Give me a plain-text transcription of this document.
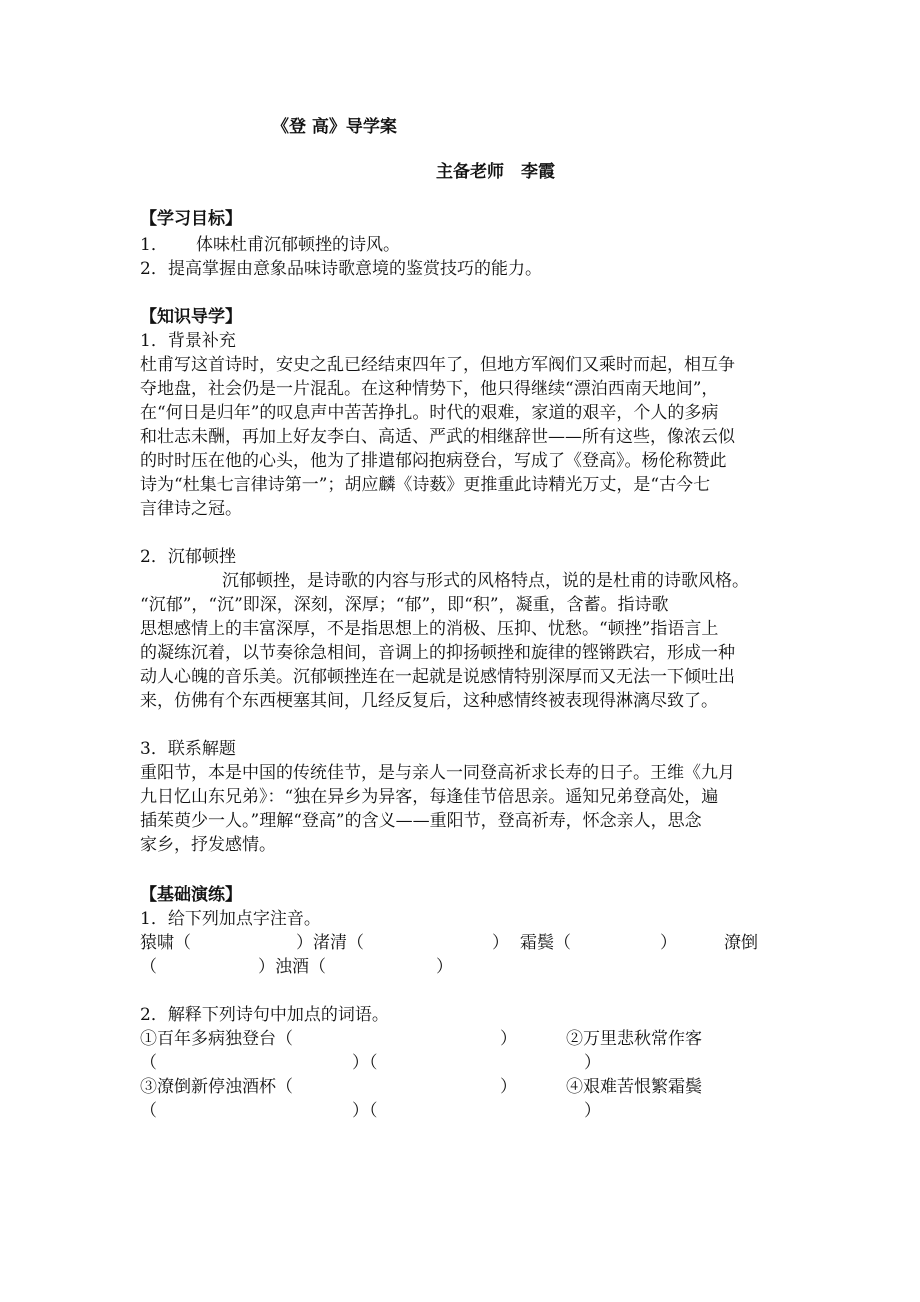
《登 高》导学案
主备老师　李霞
【学习目标】
1． 体味杜甫沉郁顿挫的诗风。
2． 提高掌握由意象品味诗歌意境的鉴赏技巧的能力。
【知识导学】
1．背景补充
杜甫写这首诗时，安史之乱已经结束四年了，但地方军阀们又乘时而起，相互争
夺地盘，社会仍是一片混乱。在这种情势下，他只得继续“漂泊西南天地间”，
在“何日是归年”的叹息声中苦苦挣扎。时代的艰难，家道的艰辛，个人的多病
和壮志未酬，再加上好友李白、高适、严武的相继辞世——所有这些，像浓云似
的时时压在他的心头，他为了排遣郁闷抱病登台，写成了《登高》。杨伦称赞此
诗为“杜集七言律诗第一”；胡应麟《诗薮》更推重此诗精光万丈，是“古今七
言律诗之冠。
2．沉郁顿挫
沉郁顿挫，是诗歌的内容与形式的风格特点，说的是杜甫的诗歌风格。
“沉郁”，“沉”即深，深刻，深厚；“郁”，即“积”，凝重，含蓄。指诗歌
思想感情上的丰富深厚，不是指思想上的消极、压抑、忧愁。“顿挫”指语言上
的凝练沉着，以节奏徐急相间，音调上的抑扬顿挫和旋律的铿锵跌宕，形成一种
动人心魄的音乐美。沉郁顿挫连在一起就是说感情特别深厚而又无法一下倾吐出
来，仿佛有个东西梗塞其间，几经反复后，这种感情终被表现得淋漓尽致了。
3．联系解题
重阳节，本是中国的传统佳节，是与亲人一同登高祈求长寿的日子。王维《九月
九日忆山东兄弟》：“独在异乡为异客，每逢佳节倍思亲。遥知兄弟登高处，遍
插茱萸少一人。”理解“登高”的含义——重阳节，登高祈寿，怀念亲人，思念
家乡，抒发感情。
【基础演练】
1．给下列加点字注音。
猿啸（	）渚清（	） 霜鬓（	）	潦倒
（	）浊酒（	）
2．解释下列诗句中加点的词语。
①百年多病独登台（	）	②万里悲秋常作客
（	）（	）
③潦倒新停浊酒杯（	）	④艰难苦恨繁霜鬓
（	）（	）
